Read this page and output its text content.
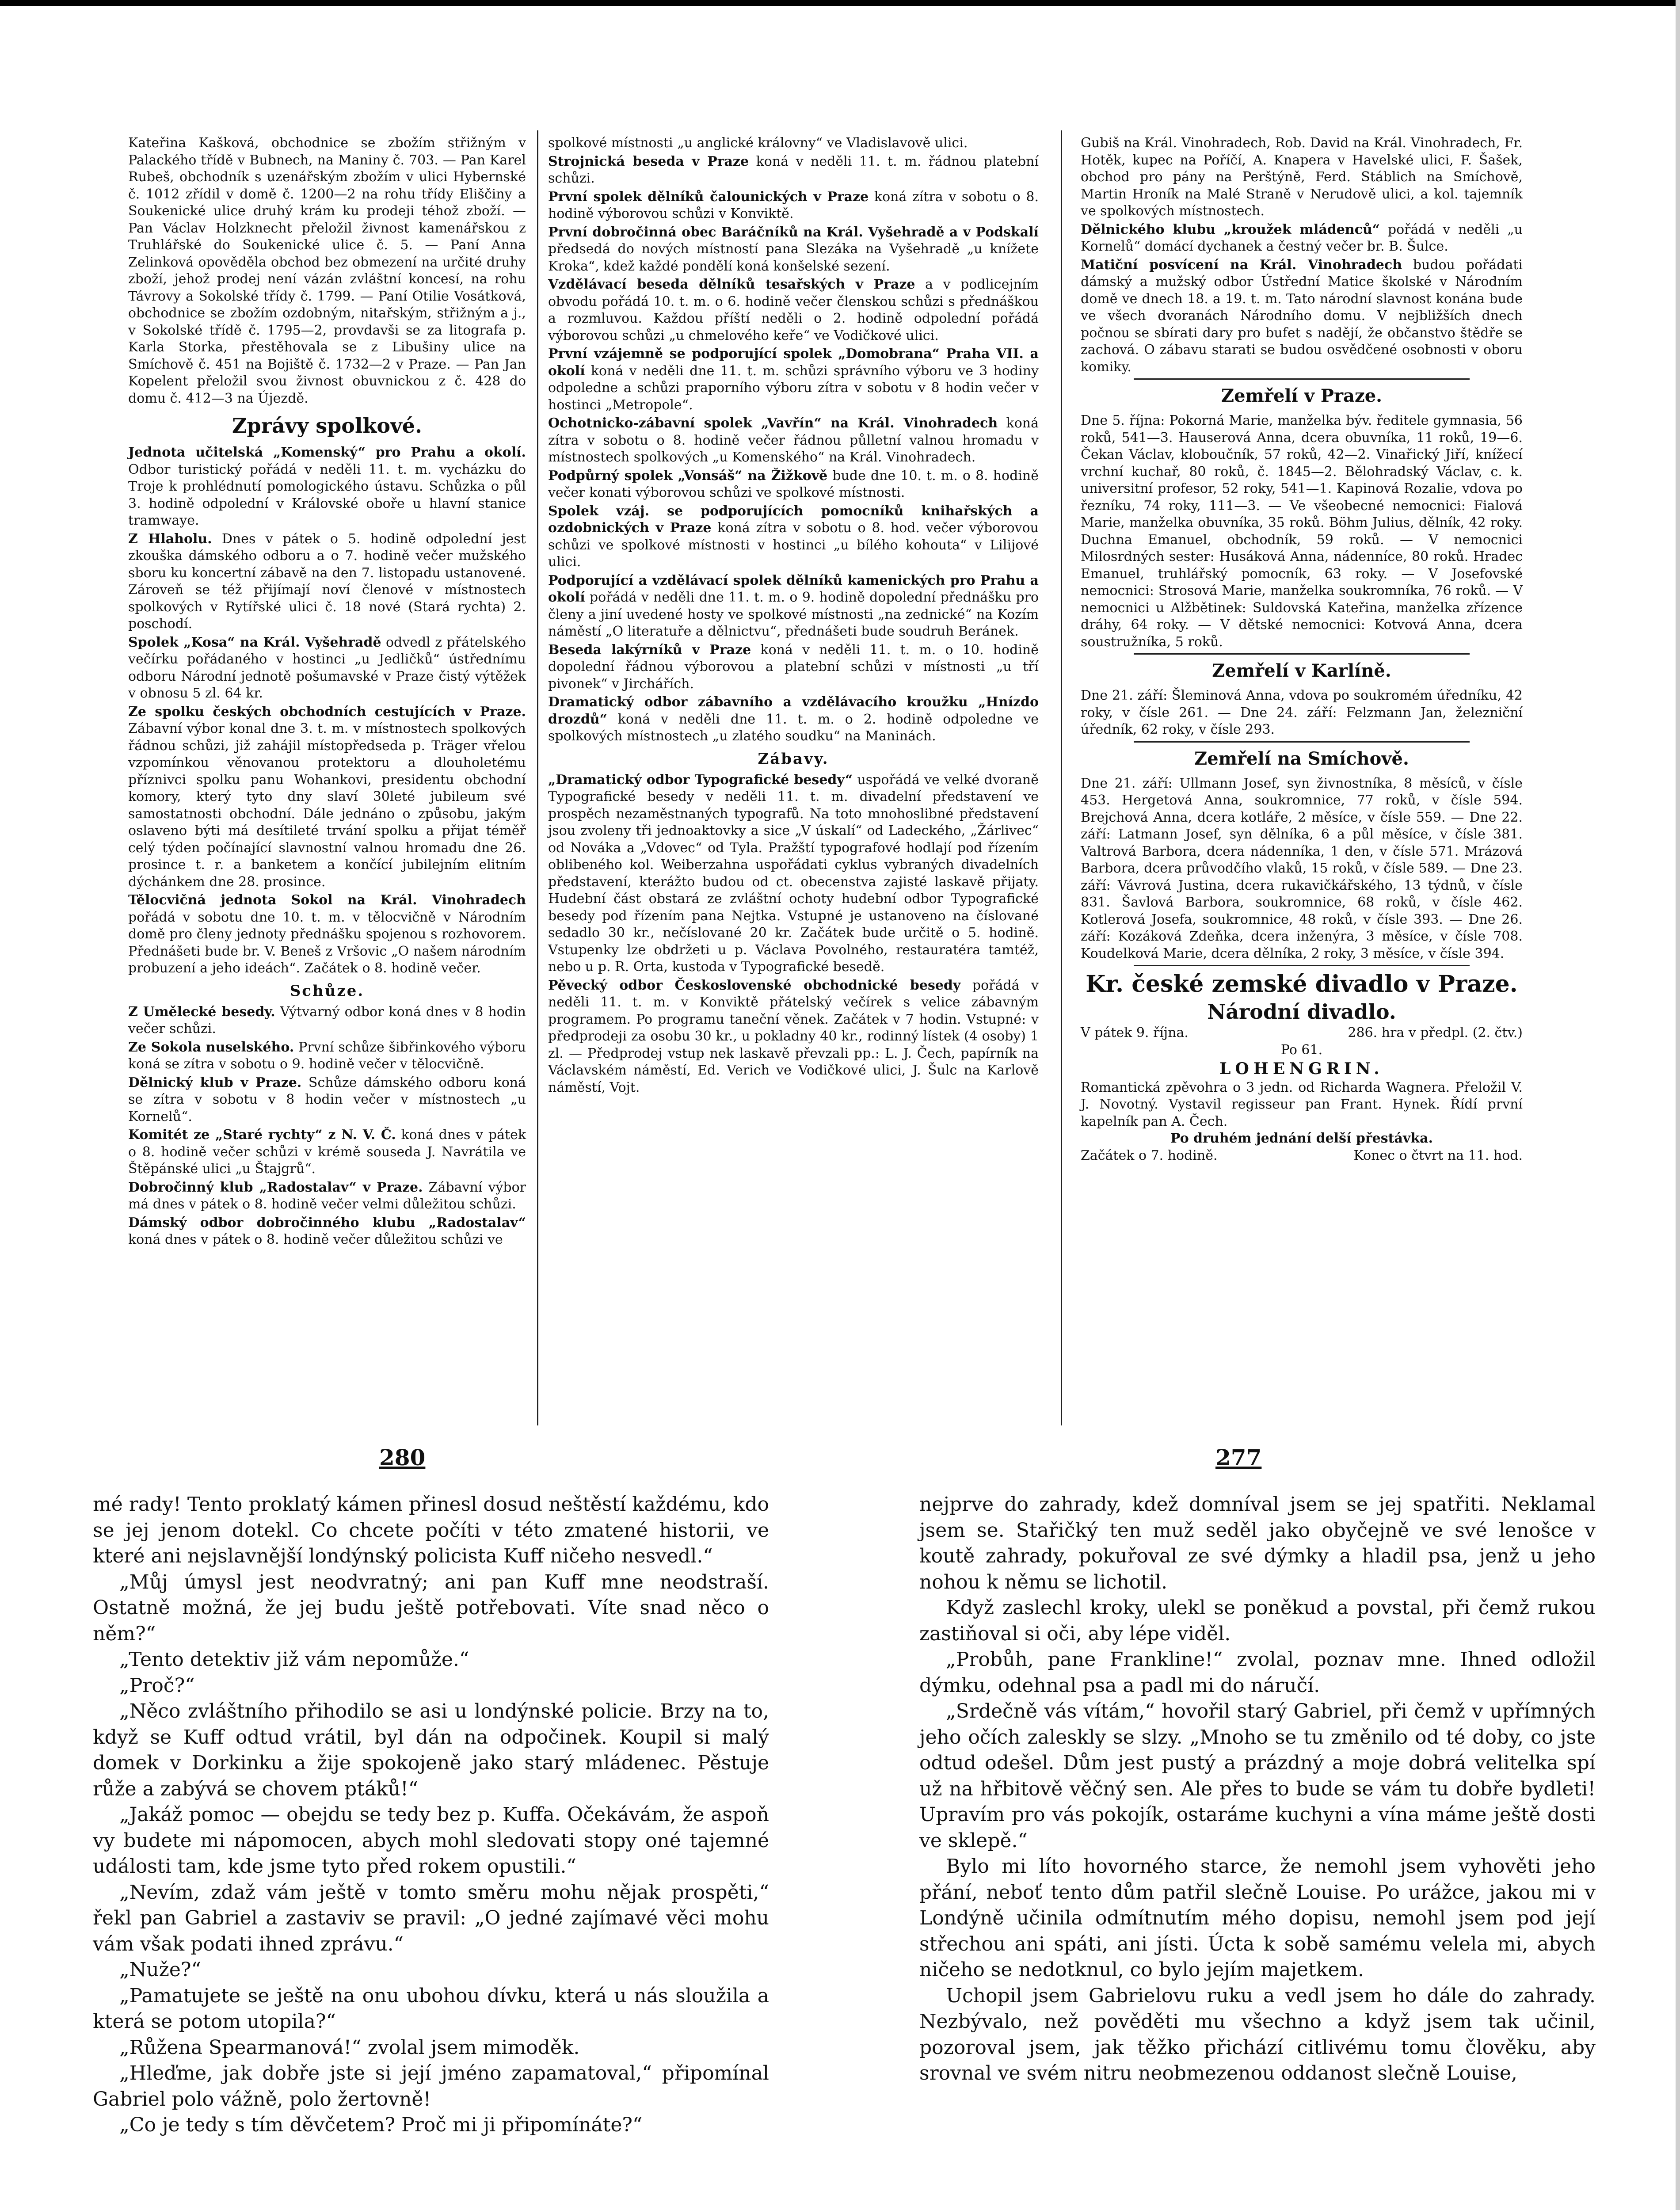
Kateřina Kašková, obchodnice se zbožím střižným v Palackého třídě v Bubnech, na Maniny č. 703. — Pan Karel Rubeš, obchodník s uzenářským zbožím v ulici Hybernské č. 1012 zřídil v domě č. 1200—2 na rohu třídy Eliščiny a Soukenické ulice druhý krám ku prodeji téhož zboží. — Pan Václav Holzknecht přeložil živnost kamenářskou z Truhlářské do Soukenické ulice č. 5. — Paní Anna Zelinková opověděla obchod bez obmezení na určité druhy zboží, jehož prodej není vázán zvláštní koncesí, na rohu Távrovy a Sokolské třídy č. 1799. — Paní Otilie Vosátková, obchodnice se zbožím ozdobným, nitařským, střižným a j., v Sokolské třídě č. 1795—2, provdavši se za litografa p. Karla Storka, přestěhovala se z Libušiny ulice na Smíchově č. 451 na Bojiště č. 1732—2 v Praze. — Pan Jan Kopelent přeložil svou živnost obuvnickou z č. 428 do domu č. 412—3 na Újezdě.

Zprávy spolkové.

Jednota učitelská „Komenský“ pro Prahu a okolí. Odbor turistický pořádá v neděli 11. t. m. vycházku do Troje k prohlédnutí pomologického ústavu. Schůzka o půl 3. hodině odpolední v Královské oboře u hlavní stanice tramwaye.

Z Hlaholu. Dnes v pátek o 5. hodině odpolední jest zkouška dámského odboru a o 7. hodině večer mužského sboru ku koncertní zábavě na den 7. listopadu ustanovené. Zároveň se též přijímají noví členové v místnostech spolkových v Rytířské ulici č. 18 nové (Stará rychta) 2. poschodí.

Spolek „Kosa“ na Král. Vyšehradě odvedl z přátelského večírku pořádaného v hostinci „u Jedličků“ ústřednímu odboru Národní jednotě pošumavské v Praze čistý výtěžek v obnosu 5 zl. 64 kr.

Ze spolku českých obchodních cestujících v Praze. Zábavní výbor konal dne 3. t. m. v místnostech spolkových řádnou schůzi, již zahájil místopředseda p. Träger vřelou vzpomínkou věnovanou protektoru a dlouholetému příznivci spolku panu Wohankovi, presidentu obchodní komory, který tyto dny slaví 30leté jubileum své samostatnosti obchodní. Dále jednáno o způsobu, jakým oslaveno býti má desítileté trvání spolku a přijat téměř celý týden počínající slavnostní valnou hromadu dne 26. prosince t. r. a banketem a končící jubilejním elitním dýchánkem dne 28. prosince.

Tělocvičná jednota Sokol na Král. Vinohradech pořádá v sobotu dne 10. t. m. v tělocvičně v Národním domě pro členy jednoty přednášku spojenou s rozhovorem. Přednášeti bude br. V. Beneš z Vršovic „O našem národním probuzení a jeho ideách“. Začátek o 8. hodině večer.

Schůze.

Z Umělecké besedy. Výtvarný odbor koná dnes v 8 hodin večer schůzi.

Ze Sokola nuselského. První schůze šibřinkového výboru koná se zítra v sobotu o 9. hodině večer v tělocvičně.

Dělnický klub v Praze. Schůze dámského odboru koná se zítra v sobotu v 8 hodin večer v místnostech „u Kornelů“.

Komitét ze „Staré rychty“ z N. V. Č. koná dnes v pátek o 8. hodině večer schůzi v krémě souseda J. Navrátila ve Štěpánské ulici „u Štajgrů“.

Dobročinný klub „Radostalav“ v Praze. Zábavní výbor má dnes v pátek o 8. hodině večer velmi důležitou schůzi.

Dámský odbor dobročinného klubu „Radostalav“ koná dnes v pátek o 8. hodině večer důležitou schůzi ve

spolkové místnosti „u anglické královny“ ve Vladislavově ulici.

Strojnická beseda v Praze koná v neděli 11. t. m. řádnou platební schůzi.

První spolek dělníků čalounických v Praze koná zítra v sobotu o 8. hodině výborovou schůzi v Konviktě.

První dobročinná obec Baráčníků na Král. Vyšehradě a v Podskalí předsedá do nových místností pana Slezáka na Vyšehradě „u knížete Kroka“, kdež každé pondělí koná konšelské sezení.

Vzdělávací beseda dělníků tesařských v Praze a v podlicejním obvodu pořádá 10. t. m. o 6. hodině večer členskou schůzi s přednáškou a rozmluvou. Každou příští neděli o 2. hodině odpolední pořádá výborovou schůzi „u chmelového keře“ ve Vodičkové ulici.

První vzájemně se podporující spolek „Domobrana“ Praha VII. a okolí koná v neděli dne 11. t. m. schůzi správního výboru ve 3 hodiny odpoledne a schůzi praporního výboru zítra v sobotu v 8 hodin večer v hostinci „Metropole“.

Ochotnicko-zábavní spolek „Vavřín“ na Král. Vinohradech koná zítra v sobotu o 8. hodině večer řádnou půlletní valnou hromadu v místnostech spolkových „u Komenského“ na Král. Vinohradech.

Podpůrný spolek „Vonsáš“ na Žižkově bude dne 10. t. m. o 8. hodině večer konati výborovou schůzi ve spolkové místnosti.

Spolek vzáj. se podporujících pomocníků knihařských a ozdobnických v Praze koná zítra v sobotu o 8. hod. večer výborovou schůzi ve spolkové místnosti v hostinci „u bílého kohouta“ v Lilijové ulici.

Podporující a vzdělávací spolek dělníků kamenických pro Prahu a okolí pořádá v neděli dne 11. t. m. o 9. hodině dopolední přednášku pro členy a jiní uvedené hosty ve spolkové místnosti „na zednické“ na Kozím náměstí „O literatuře a dělnictvu“, přednášeti bude soudruh Beránek.

Beseda lakýrníků v Praze koná v neděli 11. t. m. o 10. hodině dopolední řádnou výborovou a platební schůzi v místnosti „u tří pivonek“ v Jirchářích.

Dramatický odbor zábavního a vzdělávacího kroužku „Hnízdo drozdů“ koná v neděli dne 11. t. m. o 2. hodině odpoledne ve spolkových místnostech „u zlatého soudku“ na Maninách.

Zábavy.

„Dramatický odbor Typografické besedy“ uspořádá ve velké dvoraně Typografické besedy v neděli 11. t. m. divadelní představení ve prospěch nezaměstnaných typografů. Na toto mnohoslibné představení jsou zvoleny tři jednoaktovky a sice „V úskalí“ od Ladeckého, „Žárlivec“ od Nováka a „Vdovec“ od Tyla. Pražští typografové hodlají pod řízením oblibeného kol. Weiberzahna uspořádati cyklus vybraných divadelních představení, kterážto budou od ct. obecenstva zajisté laskavě přijaty. Hudební část obstará ze zvláštní ochoty hudební odbor Typografické besedy pod řízením pana Nejtka. Vstupné je ustanoveno na číslované sedadlo 30 kr., nečíslované 20 kr. Začátek bude určitě o 5. hodině. Vstupenky lze obdržeti u p. Václava Povolného, restauratéra tamtéž, nebo u p. R. Orta, kustoda v Typografické besedě.

Pěvecký odbor Československé obchodnické besedy pořádá v neděli 11. t. m. v Konviktě přátelský večírek s velice zábavným programem. Po programu taneční věnek. Začátek v 7 hodin. Vstupné: v předprodeji za osobu 30 kr., u pokladny 40 kr., rodinný lístek (4 osoby) 1 zl. — Předprodej vstup nek laskavě převzali pp.: L. J. Čech, papírník na Václavském náměstí, Ed. Verich ve Vodičkové ulici, J. Šulc na Karlově náměstí, Vojt.

Gubiš na Král. Vinohradech, Rob. David na Král. Vinohradech, Fr. Hotěk, kupec na Poříčí, A. Knapera v Havelské ulici, F. Šašek, obchod pro pány na Perštýně, Ferd. Stáblich na Smíchově, Martin Hroník na Malé Straně v Nerudově ulici, a kol. tajemník ve spolkových místnostech.

Dělnického klubu „kroužek mládenců“ pořádá v neděli „u Kornelů“ domácí dychanek a čestný večer br. B. Šulce.

Matiční posvícení na Král. Vinohradech budou pořádati dámský a mužský odbor Ústřední Matice školské v Národním domě ve dnech 18. a 19. t. m. Tato národní slavnost konána bude ve všech dvoranách Národního domu. V nejbližších dnech počnou se sbírati dary pro bufet s nadějí, že občanstvo štědře se zachová. O zábavu starati se budou osvědčené osobnosti v oboru komiky.

Zemřelí v Praze.

Dne 5. října: Pokorná Marie, manželka býv. ředitele gymnasia, 56 roků, 541—3. Hauserová Anna, dcera obuvníka, 11 roků, 19—6. Čekan Václav, kloboučník, 57 roků, 42—2. Vinařický Jiří, knížecí vrchní kuchař, 80 roků, č. 1845—2. Bělohradský Václav, c. k. universitní profesor, 52 roky, 541—1. Kapinová Rozalie, vdova po řezníku, 74 roky, 111—3. — Ve všeobecné nemocnici: Fialová Marie, manželka obuvníka, 35 roků. Böhm Julius, dělník, 42 roky. Duchna Emanuel, obchodník, 59 roků. — V nemocnici Milosrdných sester: Husáková Anna, nádenníce, 80 roků. Hradec Emanuel, truhlářský pomocník, 63 roky. — V Josefovské nemocnici: Strosová Marie, manželka soukromníka, 76 roků. — V nemocnici u Alžbětinek: Suldovská Kateřina, manželka zřízence dráhy, 64 roky. — V dětské nemocnici: Kotvová Anna, dcera soustružníka, 5 roků.

Zemřelí v Karlíně.

Dne 21. září: Šleminová Anna, vdova po soukromém úředníku, 42 roky, v čísle 261. — Dne 24. září: Felzmann Jan, železniční úředník, 62 roky, v čísle 293.

Zemřelí na Smíchově.

Dne 21. září: Ullmann Josef, syn živnostníka, 8 měsíců, v čísle 453. Hergetová Anna, soukromnice, 77 roků, v čísle 594. Brejchová Anna, dcera kotláře, 2 měsíce, v čísle 559. — Dne 22. září: Latmann Josef, syn dělníka, 6 a půl měsíce, v čísle 381. Valtrová Barbora, dcera nádenníka, 1 den, v čísle 571. Mrázová Barbora, dcera průvodčího vlaků, 15 roků, v čísle 589. — Dne 23. září: Vávrová Justina, dcera rukavičkářského, 13 týdnů, v čísle 831. Šavlová Barbora, soukromnice, 68 roků, v čísle 462. Kotlerová Josefa, soukromnice, 48 roků, v čísle 393. — Dne 26. září: Kozáková Zdeňka, dcera inženýra, 3 měsíce, v čísle 708. Koudelková Marie, dcera dělníka, 2 roky, 3 měsíce, v čísle 394.

Kr. české zemské divadlo v Praze.
Národní divadlo.
V pátek 9. října.	286. hra v předpl. (2. čtv.)
Po 61.
LOHENGRIN.
Romantická zpěvohra o 3 jedn. od Richarda Wagnera. Přeložil V. J. Novotný. Vystavil regisseur pan Frant. Hynek. Řídí první kapelník pan A. Čech.
Po druhém jednání delší přestávka.
Začátek o 7. hodině.	Konec o čtvrt na 11. hod.
280	277

mé rady! Tento proklatý kámen přinesl dosud neštěstí každému, kdo se jej jenom dotekl. Co chcete počíti v této zmatené historii, ve které ani nejslavnější londýnský policista Kuff ničeho nesvedl.“

„Můj úmysl jest neodvratný; ani pan Kuff mne neodstraší. Ostatně možná, že jej budu ještě potřebovati. Víte snad něco o něm?“

„Tento detektiv již vám nepomůže.“

„Proč?“

„Něco zvláštního přihodilo se asi u londýnské policie. Brzy na to, když se Kuff odtud vrátil, byl dán na odpočinek. Koupil si malý domek v Dorkinku a žije spokojeně jako starý mládenec. Pěstuje růže a zabývá se chovem ptáků!“

„Jakáž pomoc — obejdu se tedy bez p. Kuffa. Očekávám, že aspoň vy budete mi nápomocen, abych mohl sledovati stopy oné tajemné události tam, kde jsme tyto před rokem opustili.“

„Nevím, zdaž vám ještě v tomto směru mohu nějak prospěti,“ řekl pan Gabriel a zastaviv se pravil: „O jedné zajímavé věci mohu vám však podati ihned zprávu.“

„Nuže?“

„Pamatujete se ještě na onu ubohou dívku, která u nás sloužila a která se potom utopila?“

„Růžena Spearmanová!“ zvolal jsem mimoděk.

„Hleďme, jak dobře jste si její jméno zapamatoval,“ připomínal Gabriel polo vážně, polo žertovně!

„Co je tedy s tím děvčetem? Proč mi ji připomínáte?“

nejprve do zahrady, kdež domníval jsem se jej spatřiti. Neklamal jsem se. Stařičký ten muž seděl jako obyčejně ve své lenošce v koutě zahrady, pokuřoval ze své dýmky a hladil psa, jenž u jeho nohou k němu se lichotil.

Když zaslechl kroky, ulekl se poněkud a povstal, při čemž rukou zastiňoval si oči, aby lépe viděl.

„Probůh, pane Frankline!“ zvolal, poznav mne. Ihned odložil dýmku, odehnal psa a padl mi do náručí.

„Srdečně vás vítám,“ hovořil starý Gabriel, při čemž v upřímných jeho očích zaleskly se slzy. „Mnoho se tu změnilo od té doby, co jste odtud odešel. Dům jest pustý a prázdný a moje dobrá velitelka spí už na hřbitově věčný sen. Ale přes to bude se vám tu dobře bydleti! Upravím pro vás pokojík, ostaráme kuchyni a vína máme ještě dosti ve sklepě.“

Bylo mi líto hovorného starce, že nemohl jsem vyhověti jeho přání, neboť tento dům patřil slečně Louise. Po urážce, jakou mi v Londýně učinila odmítnutím mého dopisu, nemohl jsem pod její střechou ani spáti, ani jísti. Úcta k sobě samému velela mi, abych ničeho se nedotknul, co bylo jejím majetkem.

Uchopil jsem Gabrielovu ruku a vedl jsem ho dále do zahrady. Nezbývalo, než pověděti mu všechno a když jsem tak učinil, pozoroval jsem, jak těžko přichází citlivému tomu člověku, aby srovnal ve svém nitru neobmezenou oddanost slečně Louise,
